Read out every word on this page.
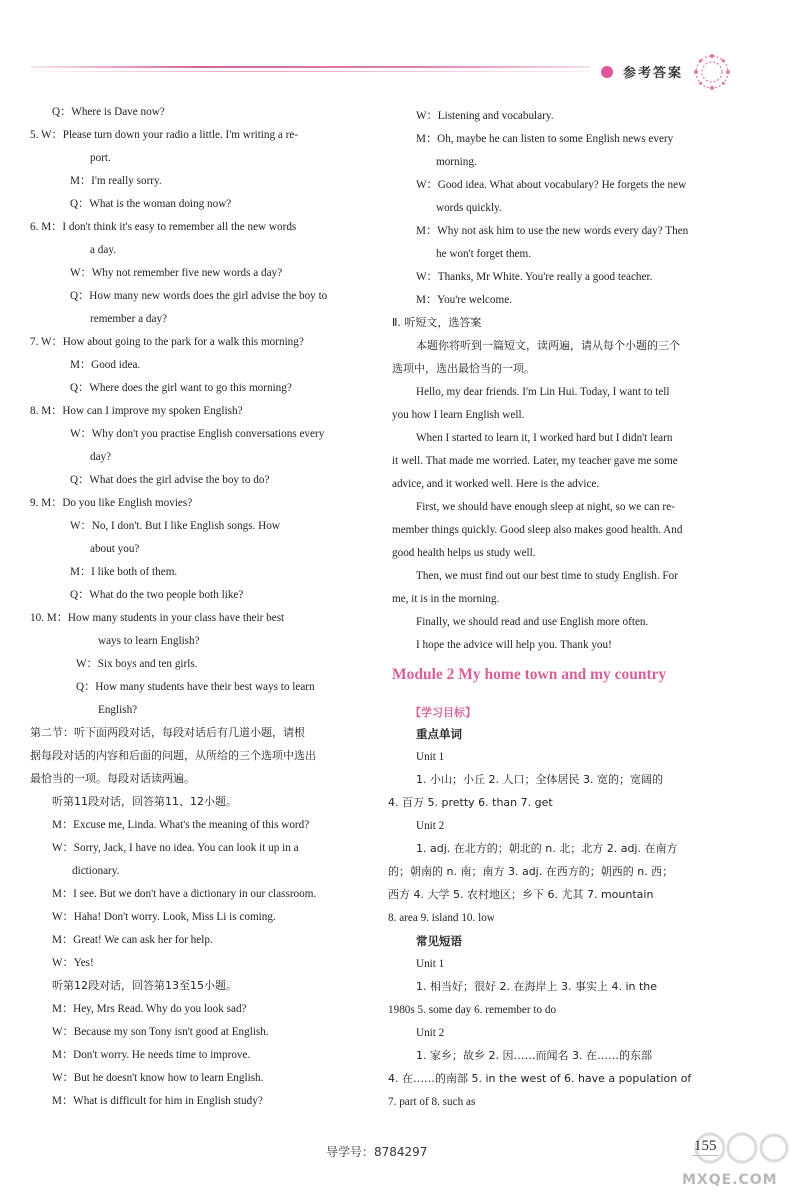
参考答案
Q：Where is Dave now?
5. W：Please turn down your radio a little. I'm writing a re-
port.
M：I'm really sorry.
Q：What is the woman doing now?
6. M：I don't think it's easy to remember all the new words
a day.
W：Why not remember five new words a day?
Q：How many new words does the girl advise the boy to
remember a day?
7. W：How about going to the park for a walk this morning?
M：Good idea.
Q：Where does the girl want to go this morning?
8. M：How can I improve my spoken English?
W：Why don't you practise English conversations every
day?
Q：What does the girl advise the boy to do?
9. M：Do you like English movies?
W：No, I don't. But I like English songs. How
about you?
M：I like both of them.
Q：What do the two people both like?
10. M：How many students in your class have their best
ways to learn English?
W：Six boys and ten girls.
Q：How many students have their best ways to learn
English?
第二节：听下面两段对话，每段对话后有几道小题，请根
据每段对话的内容和后面的问题，从所给的三个选项中选出
最恰当的一项。每段对话读两遍。
听第11段对话，回答第11、12小题。
M：Excuse me, Linda. What's the meaning of this word?
W：Sorry, Jack, I have no idea. You can look it up in a
dictionary.
M：I see. But we don't have a dictionary in our classroom.
W：Haha! Don't worry. Look, Miss Li is coming.
M：Great! We can ask her for help.
W：Yes!
听第12段对话，回答第13至15小题。
M：Hey, Mrs Read. Why do you look sad?
W：Because my son Tony isn't good at English.
M：Don't worry. He needs time to improve.
W：But he doesn't know how to learn English.
M：What is difficult for him in English study?
W：Listening and vocabulary.
M：Oh, maybe he can listen to some English news every
morning.
W：Good idea. What about vocabulary? He forgets the new
words quickly.
M：Why not ask him to use the new words every day? Then
he won't forget them.
W：Thanks, Mr White. You're really a good teacher.
M：You're welcome.
Ⅱ. 听短文，选答案
本题你将听到一篇短文，读两遍，请从每个小题的三个
选项中，选出最恰当的一项。
Hello, my dear friends. I'm Lin Hui. Today, I want to tell
you how I learn English well.
When I started to learn it, I worked hard but I didn't learn
it well. That made me worried. Later, my teacher gave me some
advice, and it worked well. Here is the advice.
First, we should have enough sleep at night, so we can re-
member things quickly. Good sleep also makes good health. And
good health helps us study well.
Then, we must find out our best time to study English. For
me, it is in the morning.
Finally, we should read and use English more often.
I hope the advice will help you. Thank you!
Module 2 My home town and my country
【学习目标】
重点单词
Unit 1
1. 小山；小丘 2. 人口；全体居民 3. 宽的；宽阔的
4. 百万 5. pretty 6. than 7. get
Unit 2
1. adj. 在北方的；朝北的 n. 北；北方 2. adj. 在南方
的；朝南的 n. 南；南方 3. adj. 在西方的；朝西的 n. 西；
西方 4. 大学 5. 农村地区；乡下 6. 尤其 7. mountain
8. area 9. island 10. low
常见短语
Unit 1
1. 相当好；很好 2. 在海岸上 3. 事实上 4. in the
1980s 5. some day 6. remember to do
Unit 2
1. 家乡；故乡 2. 因……而闻名 3. 在……的东部
4. 在……的南部 5. in the west of 6. have a population of
7. part of 8. such as
导学号：8784297	155
MXQE.COM
